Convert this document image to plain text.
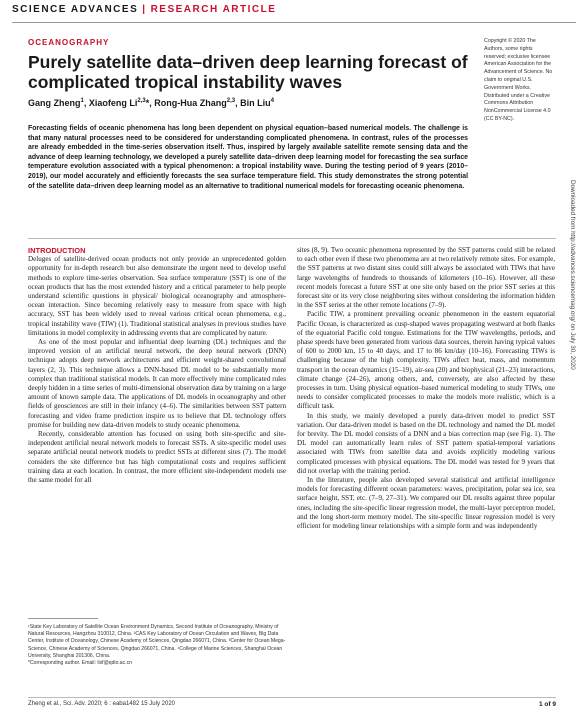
SCIENCE ADVANCES | RESEARCH ARTICLE
OCEANOGRAPHY
Purely satellite data–driven deep learning forecast of complicated tropical instability waves
Gang Zheng$^1$, Xiaofeng Li$^{2,3}$*, Rong-Hua Zhang$^{2,3}$, Bin Liu$^4$
Forecasting fields of oceanic phenomena has long been dependent on physical equation–based numerical models. The challenge is that many natural processes need to be considered for understanding complicated phenomena. In contrast, rules of the processes are already embedded in the time-series observation itself. Thus, inspired by largely available satellite remote sensing data and the advance of deep learning technology, we developed a purely satellite data–driven deep learning model for forecasting the sea surface temperature evolution associated with a typical phenomenon: a tropical instability wave. During the testing period of 9 years (2010–2019), our model accurately and efficiently forecasts the sea surface temperature field. This study demonstrates the strong potential of the satellite data–driven deep learning model as an alternative to traditional numerical models for forecasting oceanic phenomena.
Copyright © 2020 The Authors, some rights reserved; exclusive licensee American Association for the Advancement of Science. No claim to original U.S. Government Works. Distributed under a Creative Commons Attribution NonCommercial License 4.0 (CC BY-NC).

INTRODUCTION

Deluges of satellite-derived ocean products not only provide an unprecedented golden opportunity for in-depth research but also demonstrate the urgent need to develop useful methods to explore time-series observation. Sea surface temperature (SST) is one of the ocean products that has the most extended history and a critical parameter to help people understand scientific questions in physical/ biological oceanography and atmosphere-ocean interaction. Since becoming relatively easy to measure from space with high accuracy, SST has been widely used to reveal various critical ocean phenomena, e.g., tropical instability wave (TIW) (1). Traditional statistical analyses in previous studies have limitations in model complexity in addressing events that are complicated by nature.

As one of the most popular and influential deep learning (DL) techniques and the improved version of an artificial neural network, the deep neural network (DNN) technique adopts deep network architectures and efficient weight-shared convolutional layers (2, 3). This technique allows a DNN-based DL model to be substantially more complex than traditional statistical models. It can more effectively mine complicated rules deeply hidden in a time series of multi-dimensional observation data by training on a large amount of known sample data. The applications of DL models in oceanography and other fields of geosciences are still in their infancy (4–6). The similarities between SST pattern forecasting and video frame prediction inspire us to believe that DL technology offers promise for building new data-driven models to study oceanic phenomena.

Recently, considerable attention has focused on using both site-specific and site-independent artificial neural network models to forecast SSTs. A site-specific model uses separate artificial neural network models to predict SSTs at different sites (7). The model considers the site difference but has high computational costs and requires sufficient training data at each location. In contrast, the more efficient site-independent models use the same model for all

sites (8, 9). Two oceanic phenomena represented by the SST patterns could still be related to each other even if these two phenomena are at two relatively remote sites. For example, the SST patterns at two distant sites could still always be associated with TIWs that have large wavelengths of hundreds to thousands of kilometers (10–16). However, all these recent models forecast a future SST at one site only based on the prior SST series at this forecast site or its very close neighboring sites without considering the information hidden in the SST series at the other remote locations (7–9).

Pacific TIW, a prominent prevailing oceanic phenomenon in the eastern equatorial Pacific Ocean, is characterized as cusp-shaped waves propagating westward at both flanks of the equatorial Pacific cold tongue. Estimations for the TIW wavelengths, periods, and phase speeds have been generated from various data sources, therein having typical values of 600 to 2000 km, 15 to 40 days, and 17 to 86 km/day (10–16). Forecasting TIWs is challenging because of the high complexity. TIWs affect heat, mass, and momentum transport in the ocean dynamics (15–19), air-sea (20) and biophysical (21–23) interactions, climate change (24–26), among others, and, conversely, are also affected by these processes in turn. Using physical equation–based numerical modeling to study TIWs, one needs to consider complicated processes to make the models more realistic, which is a difficult task.

In this study, we mainly developed a purely data-driven model to predict SST variation. Our data-driven model is based on the DL technology and named the DL model for brevity. The DL model consists of a DNN and a bias correction map (see Fig. 1). The DL model can automatically learn rules of SST pattern spatial-temporal variations associated with TIWs from satellite data and avoids explicitly modeling various complicated processes with physical equations. The DL model was tested for 9 years that did not overlap with the training period.

In the literature, people also developed several statistical and artificial intelligence models for forecasting different ocean parameters: waves, precipitation, polar sea ice, sea surface height, SST, etc. (7–9, 27–31). We compared our DL results against three popular ones, including the site-specific linear regression model, the multi-layer perceptron model, and the long short-term memory model. The site-specific linear regression model is very efficient for modeling linear relationships with a simple form and was independently

¹State Key Laboratory of Satellite Ocean Environment Dynamics, Second Institute of Oceanography, Ministry of Natural Resources, Hangzhou 310012, China. ²CAS Key Laboratory of Ocean Circulation and Waves, Big Data Center, Institute of Oceanology, Chinese Academy of Sciences, Qingdao 266071, China. ³Center for Ocean Mega-Science, Chinese Academy of Sciences, Qingdao 266071, China. ⁴College of Marine Sciences, Shanghai Ocean University, Shanghai 201306, China.
*Corresponding author. Email: lixf@qdio.ac.cn
Zheng et al., Sci. Adv. 2020; 6 : eaba1482 15 July 2020	1 of 9
Downloaded from http://advances.sciencemag.org/ on July 30, 2020
